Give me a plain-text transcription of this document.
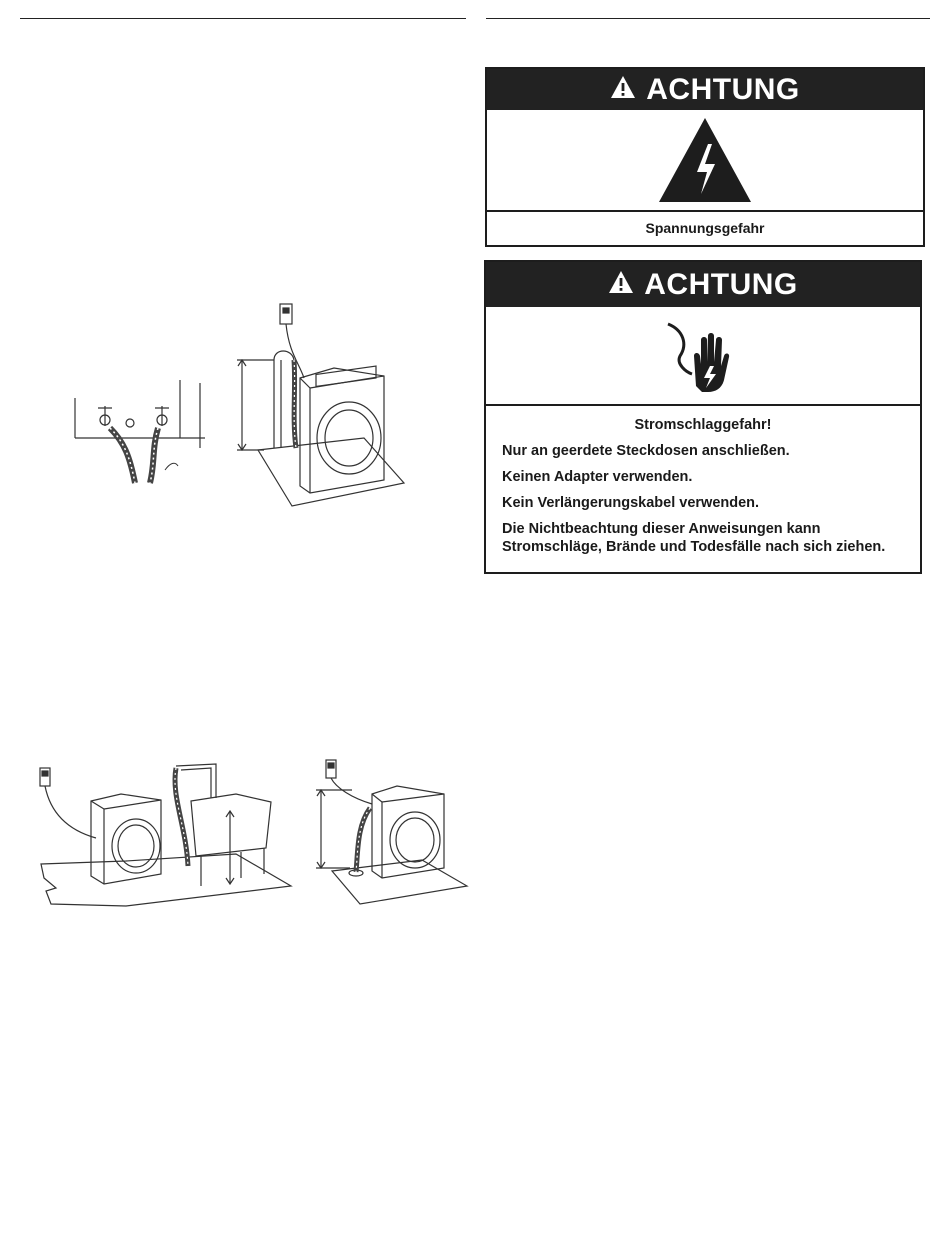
ACHTUNG
Spannungsgefahr
ACHTUNG
Stromschlaggefahr!

Nur an geerdete Steckdosen anschließen.

Keinen Adapter verwenden.

Kein Verlängerungskabel verwenden.

Die Nichtbeachtung dieser Anweisungen kann Stromschläge, Brände und Todesfälle nach sich ziehen.
